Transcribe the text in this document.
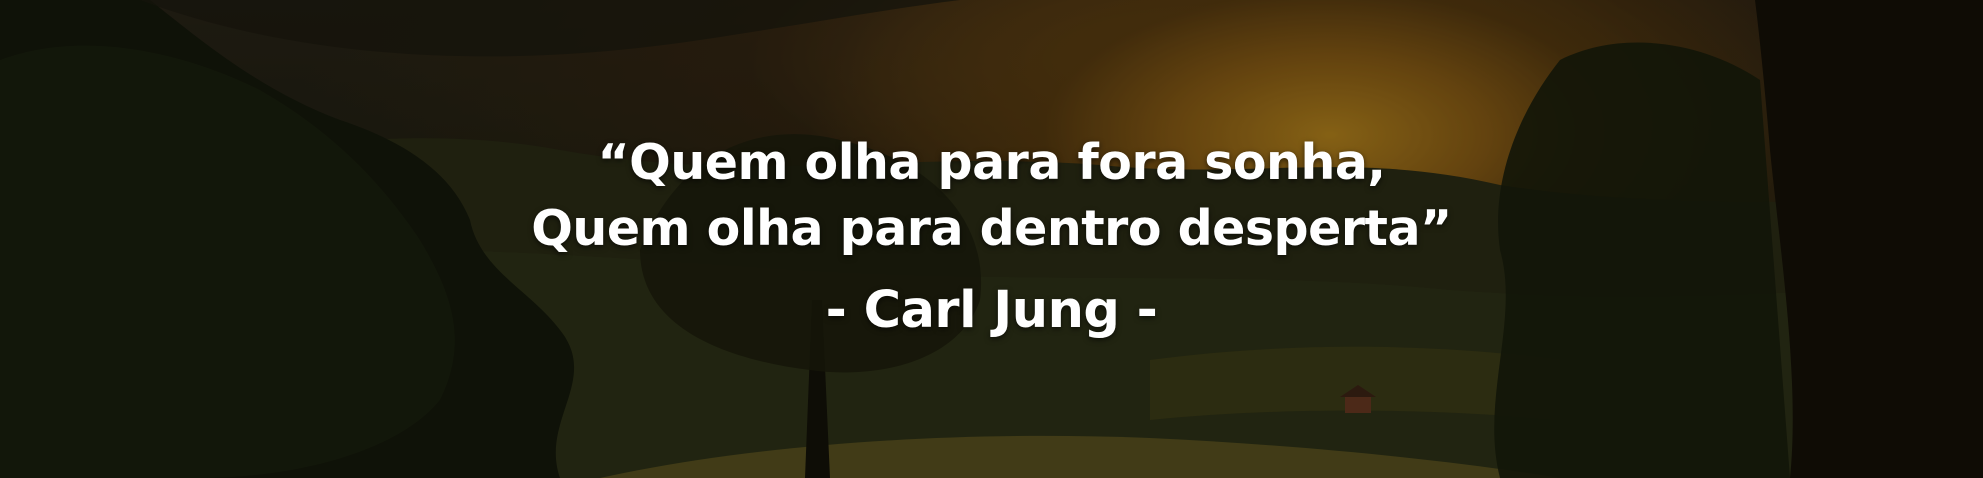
“Quem olha para fora sonha,
Quem olha para dentro desperta”
- Carl Jung -
